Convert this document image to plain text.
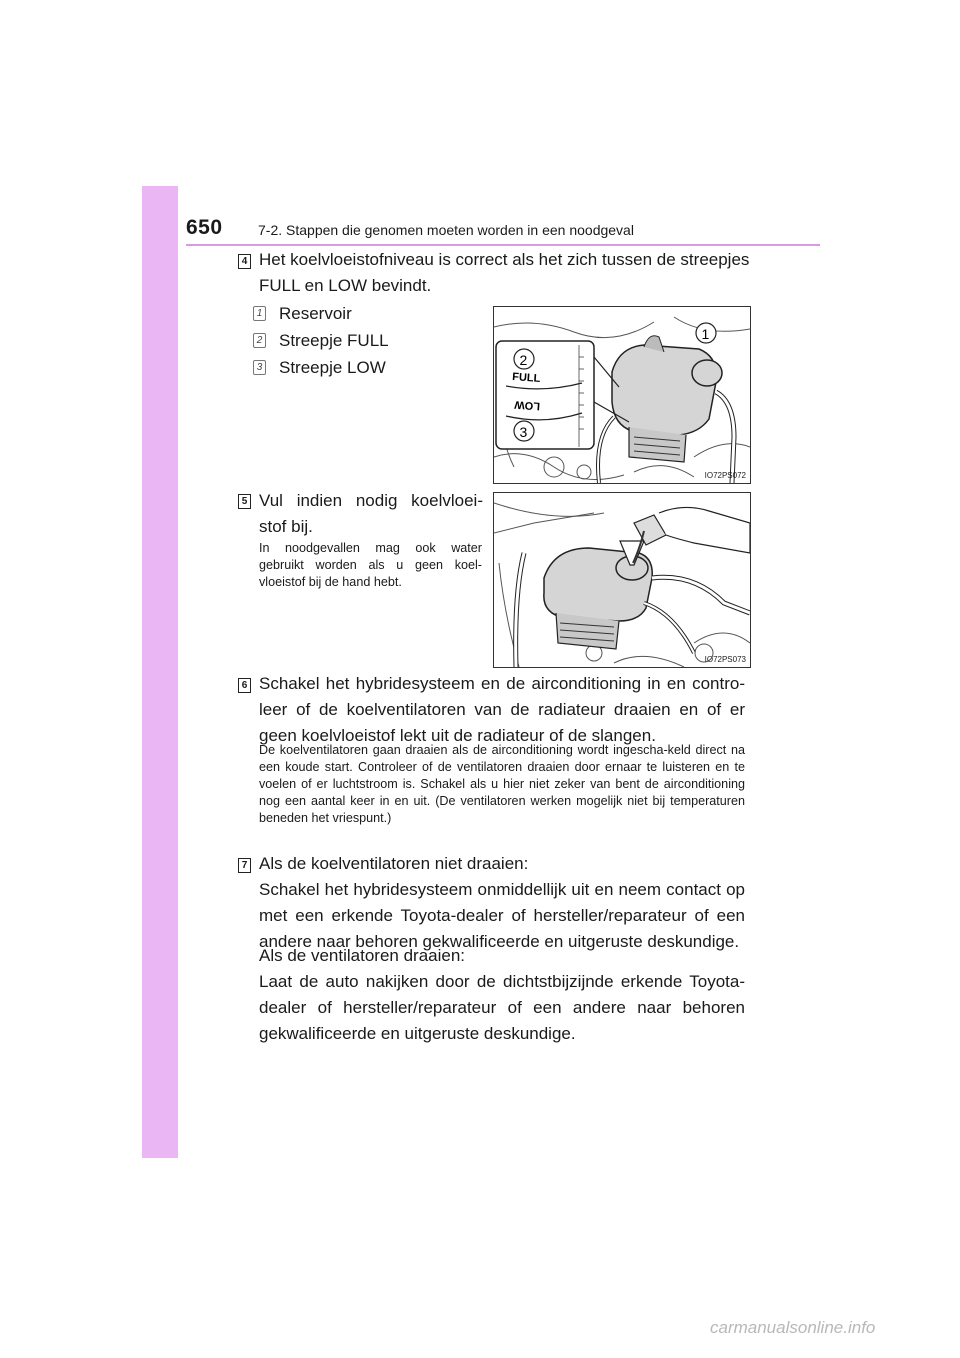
650	7-2. Stappen die genomen moeten worden in een noodgeval
4 Het koelvloeistofniveau is correct als het zich tussen de streepjes
FULL en LOW bevindt.
1 Reservoir
2 Streepje FULL
3 Streepje LOW
FULL
LOW
1
2
3
IO72PS072
5 Vul indien nodig koelvloei-
stof bij.
In noodgevallen mag ook water gebruikt worden als u geen koel-vloeistof bij de hand hebt.
IO72PS073
6 Schakel het hybridesysteem en de airconditioning in en contro-leer of de koelventilatoren van de radiateur draaien en of er geen koelvloeistof lekt uit de radiateur of de slangen.
De koelventilatoren gaan draaien als de airconditioning wordt ingescha-keld direct na een koude start. Controleer of de ventilatoren draaien door ernaar te luisteren en te voelen of er luchtstroom is. Schakel als u hier niet zeker van bent de airconditioning nog een aantal keer in en uit. (De ventilatoren werken mogelijk niet bij temperaturen beneden het vriespunt.)
7 Als de koelventilatoren niet draaien:
Schakel het hybridesysteem onmiddellijk uit en neem contact op met een erkende Toyota-dealer of hersteller/reparateur of een andere naar behoren gekwalificeerde en uitgeruste deskundige.
Als de ventilatoren draaien:
Laat de auto nakijken door de dichtstbijzijnde erkende Toyota-dealer of hersteller/reparateur of een andere naar behoren gekwalificeerde en uitgeruste deskundige.
carmanualsonline.info
